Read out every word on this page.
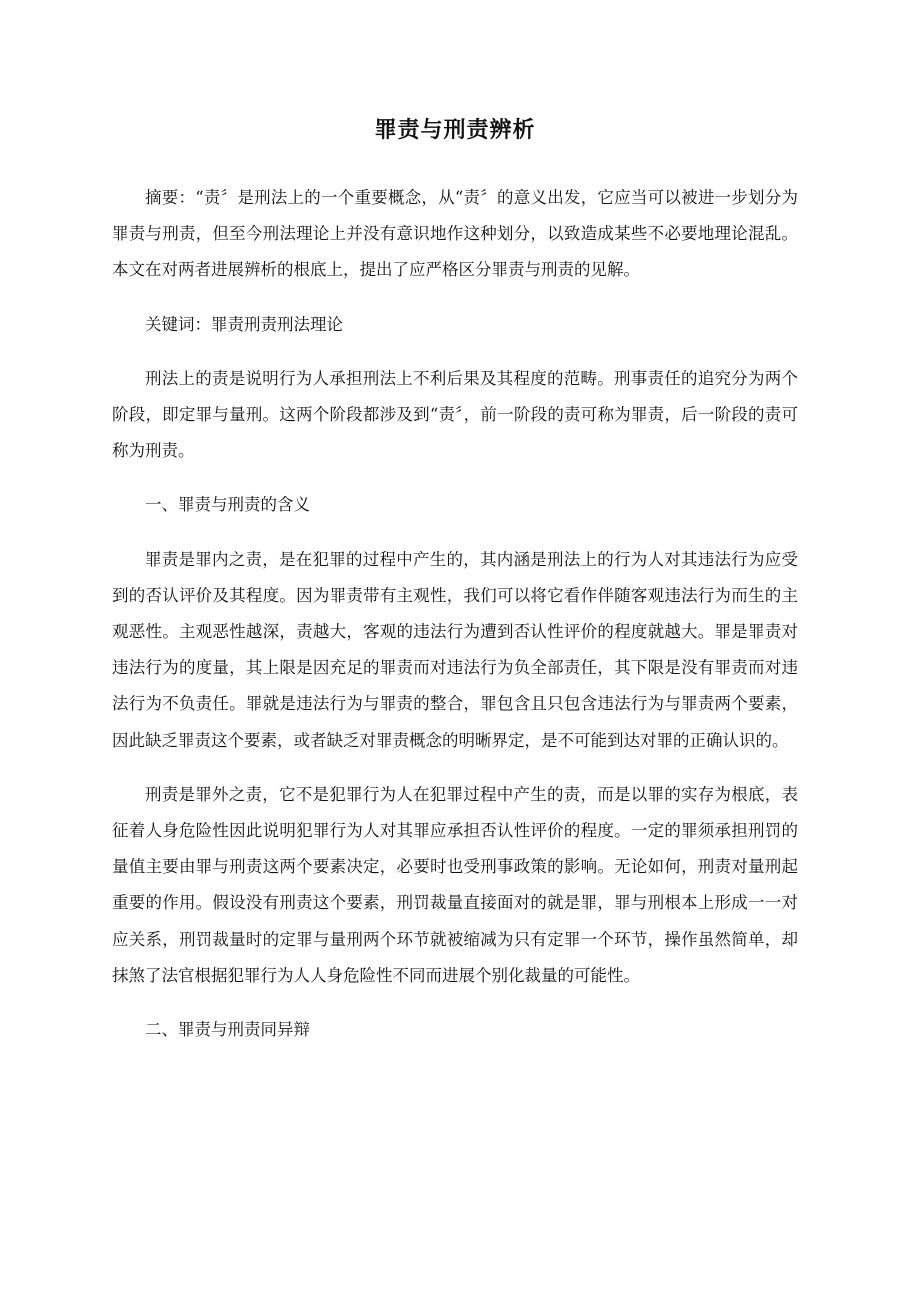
罪责与刑责辨析

摘要：“责〞是刑法上的一个重要概念，从“责〞的意义出发，它应当可以被进一步划分为罪责与刑责，但至今刑法理论上并没有意识地作这种划分，以致造成某些不必要地理论混乱。本文在对两者进展辨析的根底上，提出了应严格区分罪责与刑责的见解。

关键词：罪责刑责刑法理论

刑法上的责是说明行为人承担刑法上不利后果及其程度的范畴。刑事责任的追究分为两个阶段，即定罪与量刑。这两个阶段都涉及到“责〞，前一阶段的责可称为罪责，后一阶段的责可称为刑责。

一、罪责与刑责的含义

罪责是罪内之责，是在犯罪的过程中产生的，其内涵是刑法上的行为人对其违法行为应受到的否认评价及其程度。因为罪责带有主观性，我们可以将它看作伴随客观违法行为而生的主观恶性。主观恶性越深，责越大，客观的违法行为遭到否认性评价的程度就越大。罪是罪责对违法行为的度量，其上限是因充足的罪责而对违法行为负全部责任，其下限是没有罪责而对违法行为不负责任。罪就是违法行为与罪责的整合，罪包含且只包含违法行为与罪责两个要素，因此缺乏罪责这个要素，或者缺乏对罪责概念的明晰界定，是不可能到达对罪的正确认识的。

刑责是罪外之责，它不是犯罪行为人在犯罪过程中产生的责，而是以罪的实存为根底，表征着人身危险性因此说明犯罪行为人对其罪应承担否认性评价的程度。一定的罪须承担刑罚的量值主要由罪与刑责这两个要素决定，必要时也受刑事政策的影响。无论如何，刑责对量刑起重要的作用。假设没有刑责这个要素，刑罚裁量直接面对的就是罪，罪与刑根本上形成一一对应关系，刑罚裁量时的定罪与量刑两个环节就被缩减为只有定罪一个环节，操作虽然简单，却抹煞了法官根据犯罪行为人人身危险性不同而进展个别化裁量的可能性。

二、罪责与刑责同异辩
